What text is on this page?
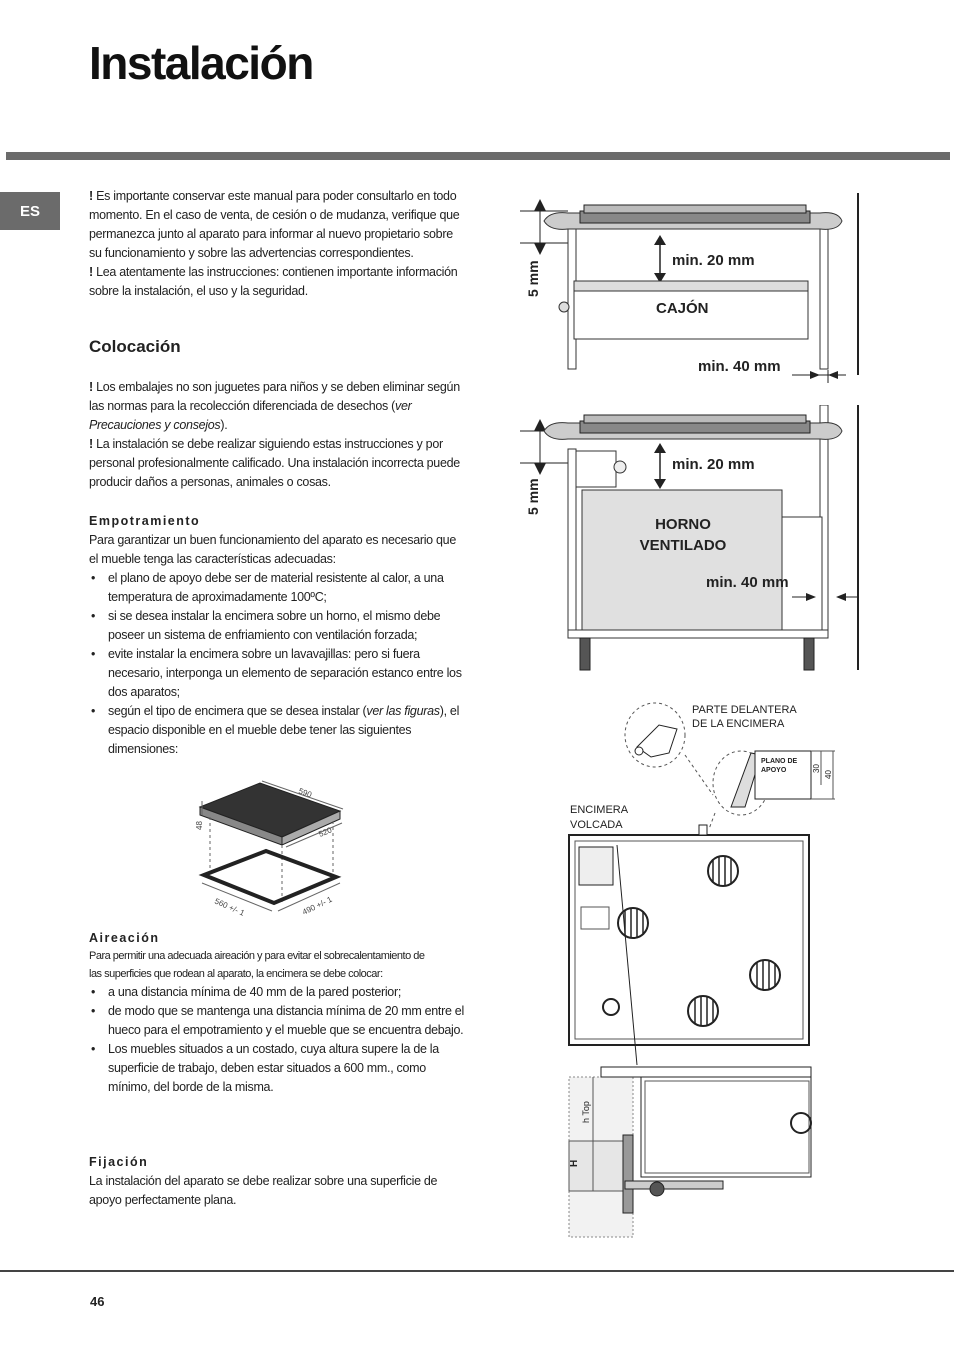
Instalación
ES

! Es importante conservar este manual para poder consultarlo en todo momento. En el caso de venta, de cesión o de mudanza, verifique que permanezca junto al aparato para informar al nuevo propietario sobre su funcionamiento y sobre las advertencias correspondientes.

! Lea atentamente las instrucciones: contienen importante información sobre la instalación, el uso y la seguridad.

Colocación

! Los embalajes no son juguetes para niños y se deben eliminar según las normas para la recolección diferenciada de desechos (ver Precauciones y consejos).

! La instalación se debe realizar siguiendo estas instrucciones y por personal profesionalmente calificado. Una instalación incorrecta puede producir daños a personas, animales o cosas.

Empotramiento

Para garantizar un buen funcionamiento del aparato es necesario que el mueble tenga las características adecuadas:

• el plano de apoyo debe ser de material resistente al calor, a una temperatura de aproximadamente 100ºC;
• si se desea instalar la encimera sobre un horno, el mismo debe poseer un sistema de enfriamiento con ventilación forzada;
• evite instalar la encimera sobre un lavavajillas: pero si fuera necesario, interponga un elemento de separación estanco entre los dos aparatos;
• según el tipo de encimera que se desea instalar (ver las figuras), el espacio disponible en el mueble debe tener las siguientes dimensiones:
590
520
48
560 +/- 1	490 +/- 1
Aireación

Para permitir una adecuada aireación y para evitar el sobrecalentamiento de las superficies que rodean al aparato, la encimera se debe colocar:

• a una distancia mínima de 40 mm de la pared posterior;
• de modo que se mantenga una distancia mínima de 20 mm entre el hueco para el empotramiento y el mueble que se encuentra debajo.
• Los muebles situados a un costado, cuya altura supere la de la superficie de trabajo, deben estar situados a 600 mm., como mínimo, del borde de la misma.
Fijación

La instalación del aparato se debe realizar sobre una superficie de apoyo perfectamente plana.

5 mm	min. 20 mm
CAJÓN
min. 40 mm
5 mm
min. 20 mm
HORNO
VENTILADO
min. 40 mm
PARTE DELANTERA
DE LA ENCIMERA
PLANO DE
APOYO	30
40
ENCIMERA
VOLCADA
h Top
H
46
